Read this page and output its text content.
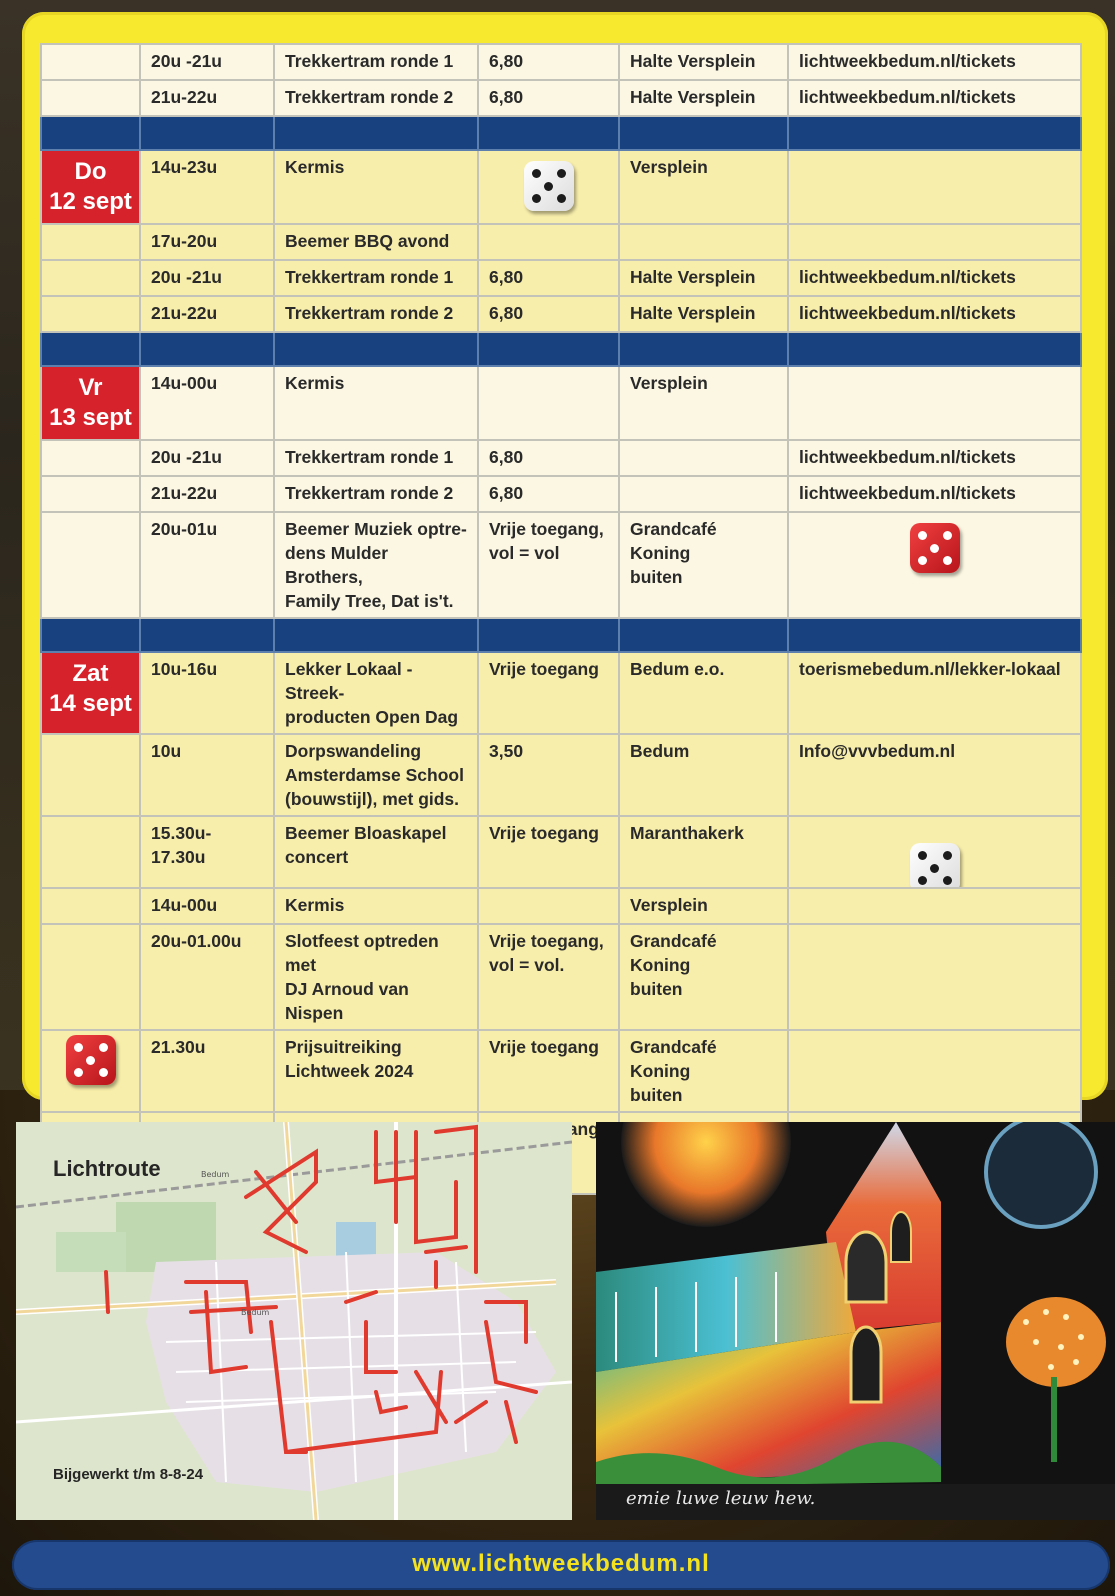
	20u -21u	Trekkertram ronde 1	6,80	Halte Versplein	lichtweekbedum.nl/tickets

	21u-22u	Trekkertram ronde 2	6,80	Halte Versplein	lichtweekbedum.nl/tickets

Do
12 sept	14u-23u	Kermis		Versplein	

	17u-20u	Beemer BBQ avond			

	20u -21u	Trekkertram ronde 1	6,80	Halte Versplein	lichtweekbedum.nl/tickets

	21u-22u	Trekkertram ronde 2	6,80	Halte Versplein	lichtweekbedum.nl/tickets

Vr
13 sept	14u-00u	Kermis		Versplein	

	20u -21u	Trekkertram ronde 1	6,80		lichtweekbedum.nl/tickets

	21u-22u	Trekkertram ronde 2	6,80		lichtweekbedum.nl/tickets

	20u-01u	Beemer Muziek optre-
dens Mulder Brothers,
Family Tree, Dat is't.	Vrije toegang,
vol = vol	Grandcafé Koning
buiten	

Zat
14 sept	10u-16u	Lekker Lokaal - Streek-
producten Open Dag	Vrije toegang	Bedum e.o.	toerismebedum.nl/lekker-lokaal

	10u	Dorpswandeling
Amsterdamse School
(bouwstijl), met gids.	3,50	Bedum	Info@vvvbedum.nl

	15.30u-
17.30u	Beemer Bloaskapel
concert	Vrije toegang	Maranthakerk	

	14u-00u	Kermis		Versplein	

	20u-01.00u	Slotfeest optreden met
DJ Arnoud van Nispen	Vrije toegang,
vol = vol.	Grandcafé Koning
buiten	

	21.30u	Prijsuitreiking
Lichtweek 2024	Vrije toegang	Grandcafé Koning
buiten	

Lichtroute	Bedum
Bedum
Bijgewerkt t/m 8-8-24
emie luwe leuw hew.
www.lichtweekbedum.nl
